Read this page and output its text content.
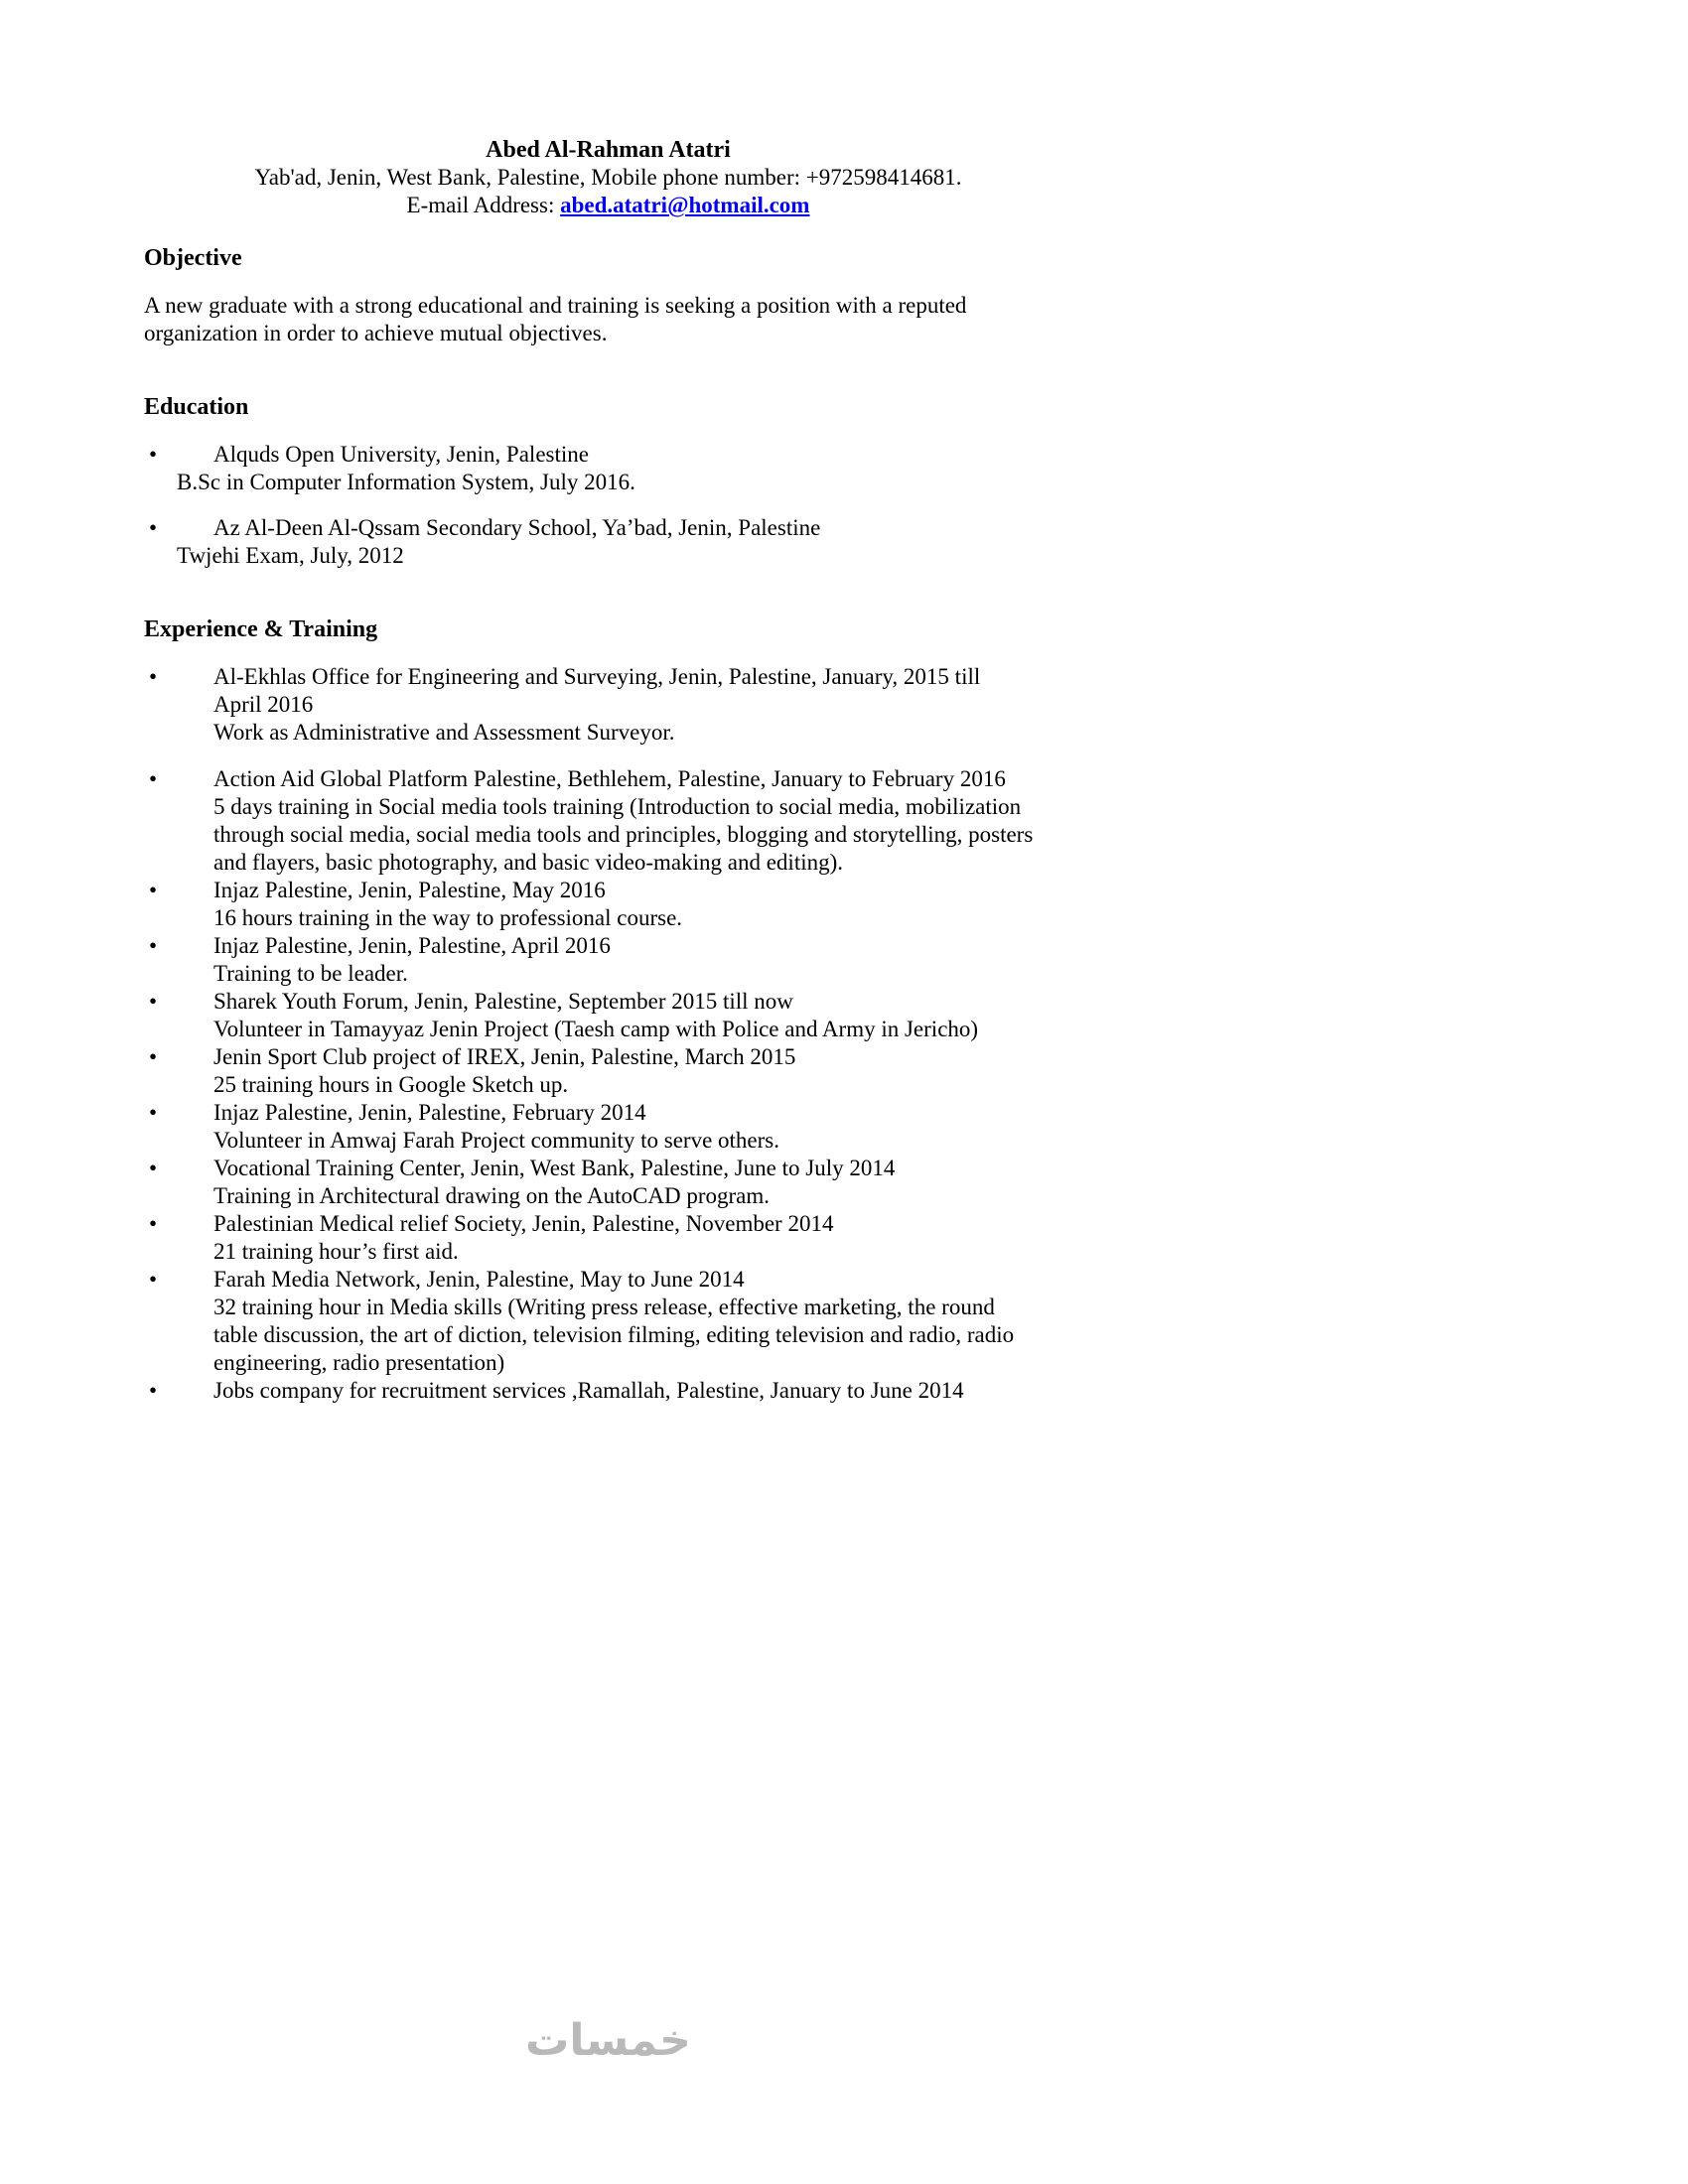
Abed Al-Rahman Atatri
Yab'ad, Jenin, West Bank, Palestine, Mobile phone number: +972598414681.
E-mail Address: abed.atatri@hotmail.com
Objective
A new graduate with a strong educational and training is seeking a position with a reputed
organization in order to achieve mutual objectives.
Education
•	Alquds Open University, Jenin, Palestine
B.Sc in Computer Information System, July 2016.
•	Az Al-Deen Al-Qssam Secondary School, Ya’bad, Jenin, Palestine
Twjehi Exam, July, 2012
Experience & Training
•	Al-Ekhlas Office for Engineering and Surveying, Jenin, Palestine, January, 2015 till
April 2016
Work as Administrative and Assessment Surveyor.
•	Action Aid Global Platform Palestine, Bethlehem, Palestine, January to February 2016
5 days training in Social media tools training (Introduction to social media, mobilization
through social media, social media tools and principles, blogging and storytelling, posters
and flayers, basic photography, and basic video-making and editing).
•	Injaz Palestine, Jenin, Palestine, May 2016
16 hours training in the way to professional course.
•	Injaz Palestine, Jenin, Palestine, April 2016
Training to be leader.
•	Sharek Youth Forum, Jenin, Palestine, September 2015 till now
Volunteer in Tamayyaz Jenin Project (Taesh camp with Police and Army in Jericho)
•	Jenin Sport Club project of IREX, Jenin, Palestine, March 2015
25 training hours in Google Sketch up.
•	Injaz Palestine, Jenin, Palestine, February 2014
Volunteer in Amwaj Farah Project community to serve others.
•	Vocational Training Center, Jenin, West Bank, Palestine, June to July 2014
Training in Architectural drawing on the AutoCAD program.
•	Palestinian Medical relief Society, Jenin, Palestine, November 2014
21 training hour’s first aid.
•	Farah Media Network, Jenin, Palestine, May to June 2014
32 training hour in Media skills (Writing press release, effective marketing, the round
table discussion, the art of diction, television filming, editing television and radio, radio
engineering, radio presentation)
•	Jobs company for recruitment services ,Ramallah, Palestine, January to June 2014
خمسات
